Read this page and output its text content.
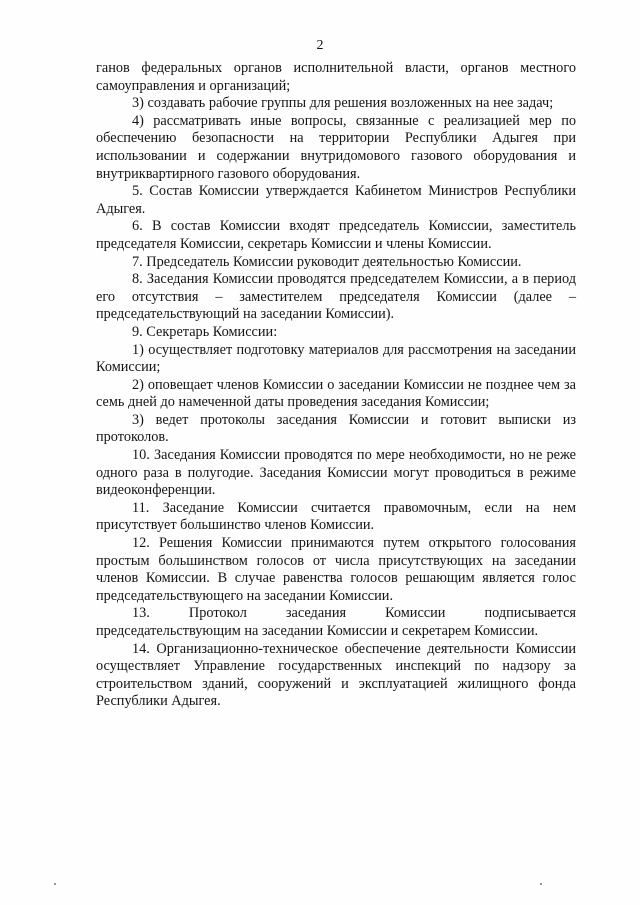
2

ганов федеральных органов исполнительной власти, органов местного самоуправления и организаций;

3) создавать рабочие группы для решения возложенных на нее задач;

4) рассматривать иные вопросы, связанные с реализацией мер по обеспечению безопасности на территории Республики Адыгея при использовании и содержании внутридомового газового оборудования и внутриквартирного газового оборудования.

5. Состав Комиссии утверждается Кабинетом Министров Республики Адыгея.

6. В состав Комиссии входят председатель Комиссии, заместитель председателя Комиссии, секретарь Комиссии и члены Комиссии.

7. Председатель Комиссии руководит деятельностью Комиссии.

8. Заседания Комиссии проводятся председателем Комиссии, а в период его отсутствия – заместителем председателя Комиссии (далее – председательствующий на заседании Комиссии).

9. Секретарь Комиссии:

1) осуществляет подготовку материалов для рассмотрения на заседании Комиссии;

2) оповещает членов Комиссии о заседании Комиссии не позднее чем за семь дней до намеченной даты проведения заседания Комиссии;

3) ведет протоколы заседания Комиссии и готовит выписки из протоколов.

10. Заседания Комиссии проводятся по мере необходимости, но не реже одного раза в полугодие. Заседания Комиссии могут проводиться в режиме видеоконференции.

11. Заседание Комиссии считается правомочным, если на нем присутствует большинство членов Комиссии.

12. Решения Комиссии принимаются путем открытого голосования простым большинством голосов от числа присутствующих на заседании членов Комиссии. В случае равенства голосов решающим является голос председательствующего на заседании Комиссии.

13. Протокол заседания Комиссии подписывается председательствующим на заседании Комиссии и секретарем Комиссии.

14. Организационно-техническое обеспечение деятельности Комиссии осуществляет Управление государственных инспекций по надзору за строительством зданий, сооружений и эксплуатацией жилищного фонда Республики Адыгея.
